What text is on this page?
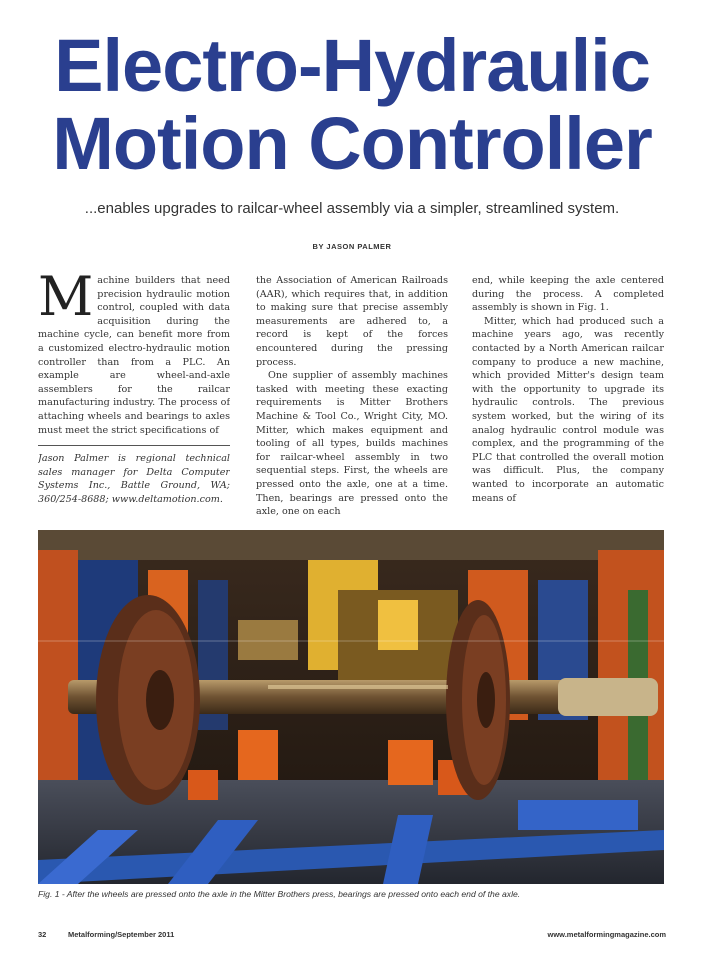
Electro-Hydraulic
Motion Controller
...enables upgrades to railcar-wheel assembly via a simpler, streamlined system.
BY JASON PALMER

Machine builders that need precision hydraulic motion control, coupled with data acquisition during the machine cycle, can benefit more from a customized electro-hydraulic motion controller than from a PLC. An example are wheel-and-axle assemblers for the railcar manufacturing industry. The process of attaching wheels and bearings to axles must meet the strict specifications of

Jason Palmer is regional technical sales manager for Delta Computer Systems Inc., Battle Ground, WA; 360/254-8688; www.deltamotion.com.

the Association of American Railroads (AAR), which requires that, in addition to making sure that precise assembly measurements are adhered to, a record is kept of the forces encountered during the pressing process.

One supplier of assembly machines tasked with meeting these exacting requirements is Mitter Brothers Machine & Tool Co., Wright City, MO. Mitter, which makes equipment and tooling of all types, builds machines for railcar-wheel assembly in two sequential steps. First, the wheels are pressed onto the axle, one at a time. Then, bearings are pressed onto the axle, one on each

end, while keeping the axle centered during the process. A completed assembly is shown in Fig. 1.

Mitter, which had produced such a machine years ago, was recently contacted by a North American railcar company to produce a new machine, which provided Mitter's design team with the opportunity to upgrade its hydraulic controls. The previous system worked, but the wiring of its analog hydraulic control module was complex, and the programming of the PLC that controlled the overall motion was difficult. Plus, the company wanted to incorporate an automatic means of

Fig. 1 - After the wheels are pressed onto the axle in the Mitter Brothers press, bearings are pressed onto each end of the axle.
32	Metalforming/September 2011	www.metalformingmagazine.com
